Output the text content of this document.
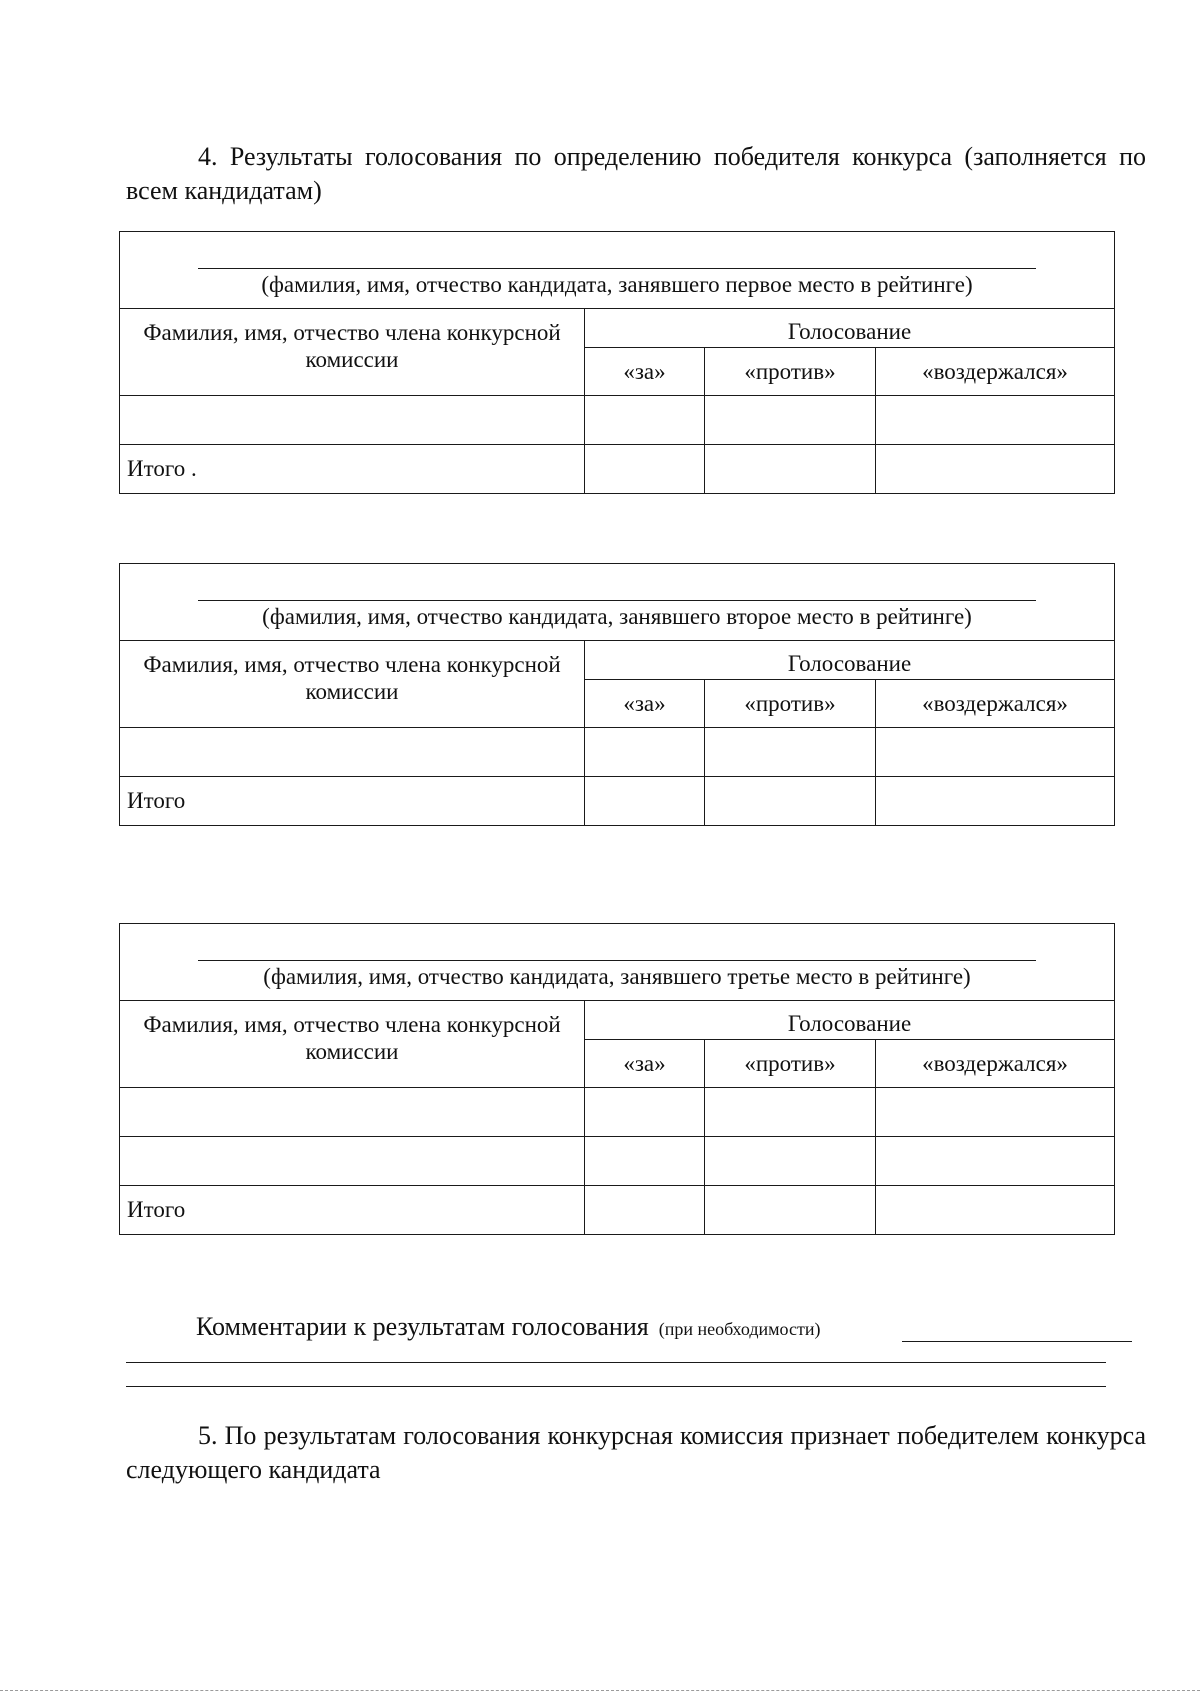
4. Результаты голосования по определению победителя конкурса (заполняется по всем кандидатам)

(фамилия, имя, отчество кандидата, занявшего первое место в рейтинге)			

Фамилия, имя, отчество члена конкурсной комиссии	Голосование		
	«за»	«против»	«воздержался»

Итого .			
(фамилия, имя, отчество кандидата, занявшего второе место в рейтинге)			

Фамилия, имя, отчество члена конкурсной комиссии	Голосование		
	«за»	«против»	«воздержался»

Итого			
(фамилия, имя, отчество кандидата, занявшего третье место в рейтинге)			

Фамилия, имя, отчество члена конкурсной комиссии	Голосование		
	«за»	«против»	«воздержался»

Итого			
Комментарии к результатам голосования (при необходимости)

5. По результатам голосования конкурсная комиссия признает победителем конкурса следующего кандидата
